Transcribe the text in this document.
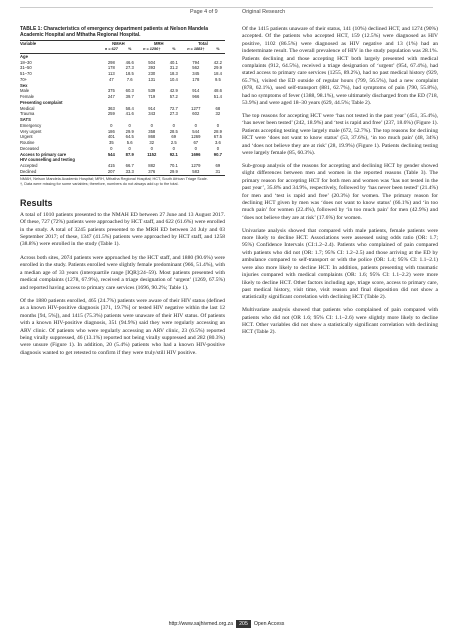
Page 4 of 9	Original Research
TABLE 1: Characteristics of emergency department patients at Nelson Mandela Academic Hospital and Mthatha Regional Hospital.
Variable	NMAH		MRH		Total	
	n = 627	%	n = 1256†	%	n = 1883†	%
Age						
18–30	298	46.6	504	40.1	794	42.2
31–50	178	27.3	393	31.2	562	29.9
51–70	113	18.5	230	18.3	345	18.4
70+	47	7.6	131	10.4	178	9.5
Sex						
Male	375	60.3	539	42.9	914	48.6
Female	247	39.7	719	57.2	966	51.4
Presenting complaint						
Medical	363	58.4	914	72.7	1277	68
Trauma	259	41.6	343	27.3	602	32
SATS						
Emergency	0	0	0	0	0	0
Very urgent	186	29.9	358	28.5	544	28.9
Urgent	401	64.5	868	69	1269	67.5
Routine	35	5.6	32	2.5	67	3.6
Deceased	0	0	0	0	0	0
Access to primary care	544	87.9	1152	92.1	1696	90.7
HIV counselling and testing						
Accepted	415	66.7	882	70.1	1279	69
Declined	207	33.3	376	29.9	583	31
NMAH, Nelson Mandela Academic Hospital; MRH, Mthatha Regional Hospital; HCT, South African Triage Scale.
†, Data were missing for some variables; therefore, numbers do not always add up to the total.
Results

A total of 1010 patients presented to the NMAH ED between 27 June and 13 August 2017. Of these, 727 (72%) patients were approached by HCT staff, and 622 (61.6%) were enrolled in the study. A total of 3245 patients presented to the MRH ED between 24 July and 03 September 2017; of these, 1347 (41.5%) patients were approached by HCT staff, and 1258 (38.8%) were enrolled in the study (Table 1).

Across both sites, 2074 patients were approached by the HCT staff, and 1880 (90.6%) were enrolled in the study. Patients enrolled were slightly female predominant (966, 51.4%), with a median age of 33 years (interquartile range [IQR]:24–59). Most patients presented with medical complaints (1278, 67.9%), received a triage designation of ‘urgent’ (1269, 67.5%) and reported having access to primary care services (1696, 90.2%; Table 1).

Of the 1880 patients enrolled, 465 (24.7%) patients were aware of their HIV status (defined as a known HIV-positive diagnosis [371, 19.7%] or tested HIV negative within the last 12 months [94, 5%]), and 1415 (75.3%) patients were unaware of their HIV status. Of patients with a known HIV-positive diagnosis, 351 (94.9%) said they were regularly accessing an ARV clinic. Of patients who were regularly accessing an ARV clinic, 23 (6.5%) reported being virally suppressed, 46 (13.1%) reported not being virally suppressed and 282 (80.3%) were unsure (Figure 1). In addition, 20 (5.4%) patients who had a known HIV-positive diagnosis wanted to get retested to confirm if they were truly/still HIV positive.

Of the 1415 patients unaware of their status, 141 (10%) declined HCT, and 1274 (90%) accepted. Of the patients who accepted HCT, 159 (12.5%) were diagnosed as HIV positive, 1102 (86.5%) were diagnosed as HIV negative and 13 (1%) had an indeterminate result. The overall prevalence of HIV in the study population was 28.1%. Patients declining and those accepting HCT both largely presented with medical complaints (912, 64.5%), received a triage designation of ‘urgent’ (954, 67.4%), had stated access to primary care services (1255, 89.2%), had no past medical history (929, 65.7%), visited the ED outside of regular hours (799, 56.5%), had a new complaint (878, 62.1%), used self-transport (881, 62.7%), had symptoms of pain (790, 55.8%), had no symptoms of fever (1388, 98.1%), were ultimately discharged from the ED (718, 53.9%) and were aged 18–30 years (629, 44.5%; Table 2).

The top reasons for accepting HCT were ‘has not tested in the past year’ (451, 35.4%), ‘has never been tested’ (242, 18.9%) and ‘test is rapid and free’ (237, 18.6%) (Figure 1). Patients accepting testing were largely male (672, 52.7%). The top reasons for declining HCT were ‘does not want to know status’ (53, 37.6%), ‘in too much pain’ (48, 34%) and ‘does not believe they are at risk’ (28, 19.9%) (Figure 1). Patients declining testing were largely female (85, 60.3%).

Sub-group analysis of the reasons for accepting and declining HCT by gender showed slight differences between men and women in the reported reasons (Table 3). The primary reason for accepting HCT for both men and women was ‘has not tested in the past year’, 35.8% and 34.9%, respectively, followed by ‘has never been tested’ (21.4%) for men and ‘test is rapid and free’ (20.3%) for women. The primary reason for declining HCT given by men was ‘does not want to know status’ (66.1%) and ‘in too much pain’ for women (22.4%), followed by ‘in too much pain’ for men (42.9%) and ‘does not believe they are at risk’ (17.6%) for women.

Univariate analysis showed that compared with male patients, female patients were more likely to decline HCT. Associations were assessed using odds ratio (OR: 1.7; 95%) Confidence Intervals (CI:1.2–2.4). Patients who complained of pain compared with patients who did not (OR: 1.7; 95% CI: 1.2–2.5) and those arriving at the ED by ambulance compared to self-transport or with the police (OR: 1.4; 95% CI: 1.1–2.1) were also more likely to decline HCT. In addition, patients presenting with traumatic injuries compared with medical complaints (OR: 1.6; 95% CI: 1.1–2.2) were more likely to decline HCT. Other factors including age, triage score, access to primary care, past medical history, visit time, visit reason and final disposition did not show a statistically significant correlation with declining HCT (Table 2).

Multivariate analysis showed that patients who complained of pain compared with patients who did not (OR 1.6; 95% CI: 1.1–2.6) were slightly more likely to decline HCT. Other variables did not show a statistically significant correlation with declining HCT (Table 2).

http://www.sajhivmed.org.za 205 Open Access
